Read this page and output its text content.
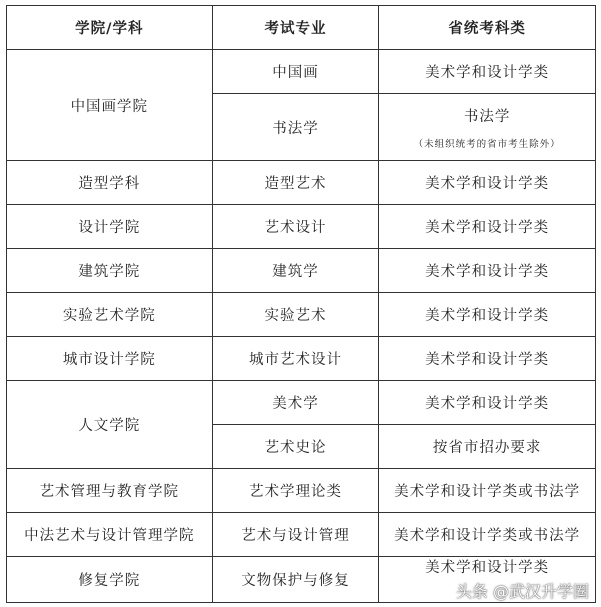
学院/学科	考试专业	省统考科类
中国画学院	中国画	美术学和设计学类
	书法学	书法学
（未组织统考的省市考生除外）

造型学科	造型艺术	美术学和设计学类
设计学院	艺术设计	美术学和设计学类
建筑学院	建筑学	美术学和设计学类
实验艺术学院	实验艺术	美术学和设计学类
城市设计学院	城市艺术设计	美术学和设计学类
人文学院	美术学	美术学和设计学类
	艺术史论	按省市招办要求
艺术管理与教育学院	艺术学理论类	美术学和设计学类或书法学
中法艺术与设计管理学院	艺术与设计管理	美术学和设计学类或书法学
修复学院	文物保护与修复	美术学和设计学类
头条 @武汉升学圈
